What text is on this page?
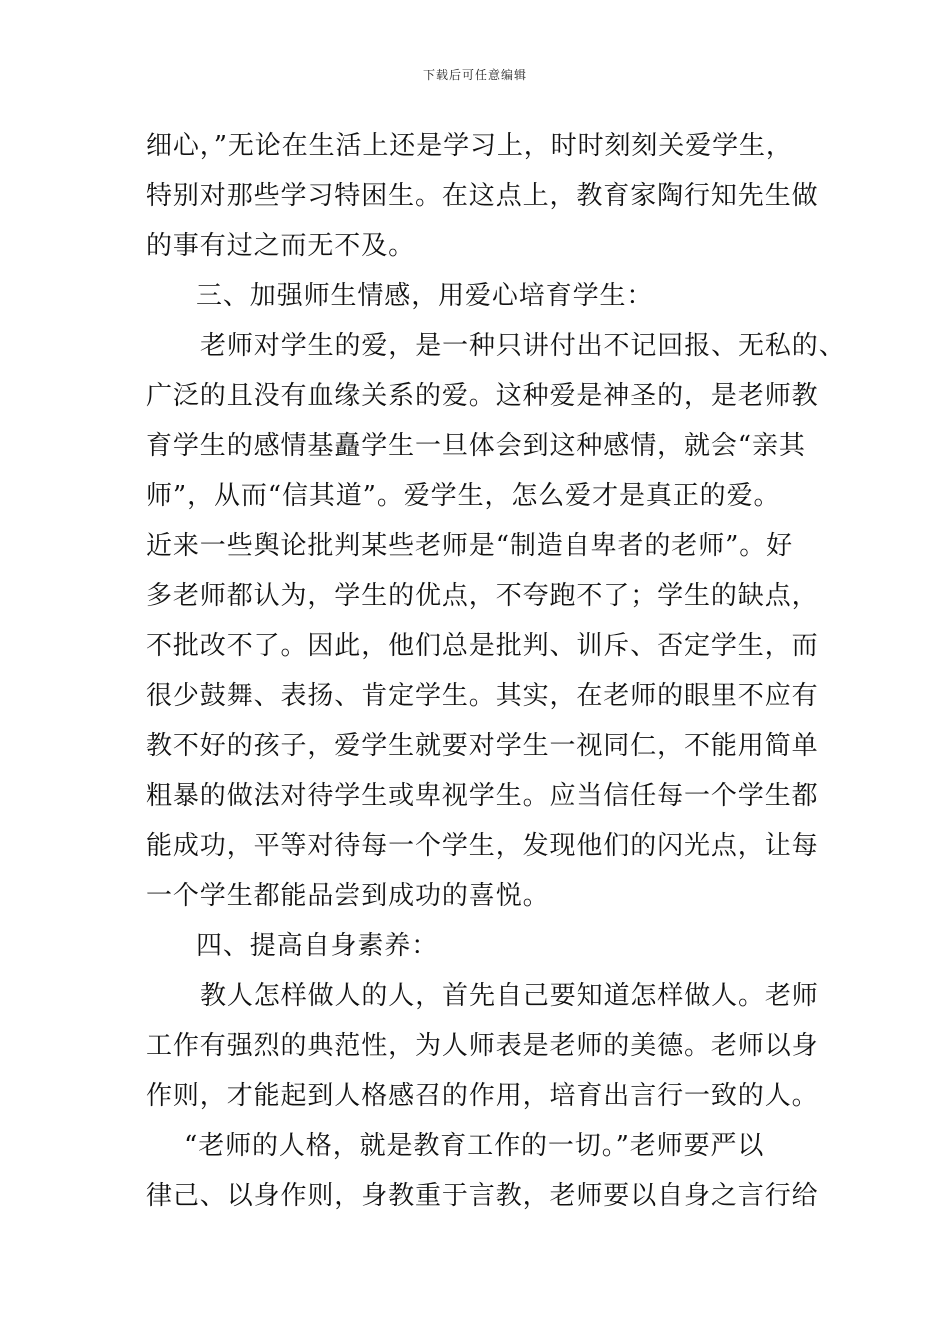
下载后可任意编辑

细心，”无论在生活上还是学习上，时时刻刻关爱学生，

特别对那些学习特困生。在这点上，教育家陶行知先生做

的事有过之而无不及。

三、加强师生情感，用爱心培育学生：

老师对学生的爱，是一种只讲付出不记回报、无私的、

广泛的且没有血缘关系的爱。这种爱是神圣的，是老师教

育学生的感情基矗学生一旦体会到这种感情，就会“亲其

师”，从而“信其道”。爱学生，怎么爱才是真正的爱。

近来一些舆论批判某些老师是“制造自卑者的老师”。好

多老师都认为，学生的优点，不夸跑不了；学生的缺点，

不批改不了。因此，他们总是批判、训斥、否定学生，而

很少鼓舞、表扬、肯定学生。其实，在老师的眼里不应有

教不好的孩子，爱学生就要对学生一视同仁，不能用简单

粗暴的做法对待学生或卑视学生。应当信任每一个学生都

能成功，平等对待每一个学生，发现他们的闪光点，让每

一个学生都能品尝到成功的喜悦。

四、提高自身素养：

教人怎样做人的人，首先自己要知道怎样做人。老师

工作有强烈的典范性，为人师表是老师的美德。老师以身

作则，才能起到人格感召的作用，培育出言行一致的人。

“老师的人格，就是教育工作的一切。”老师要严以

律己、以身作则，身教重于言教，老师要以自身之言行给
